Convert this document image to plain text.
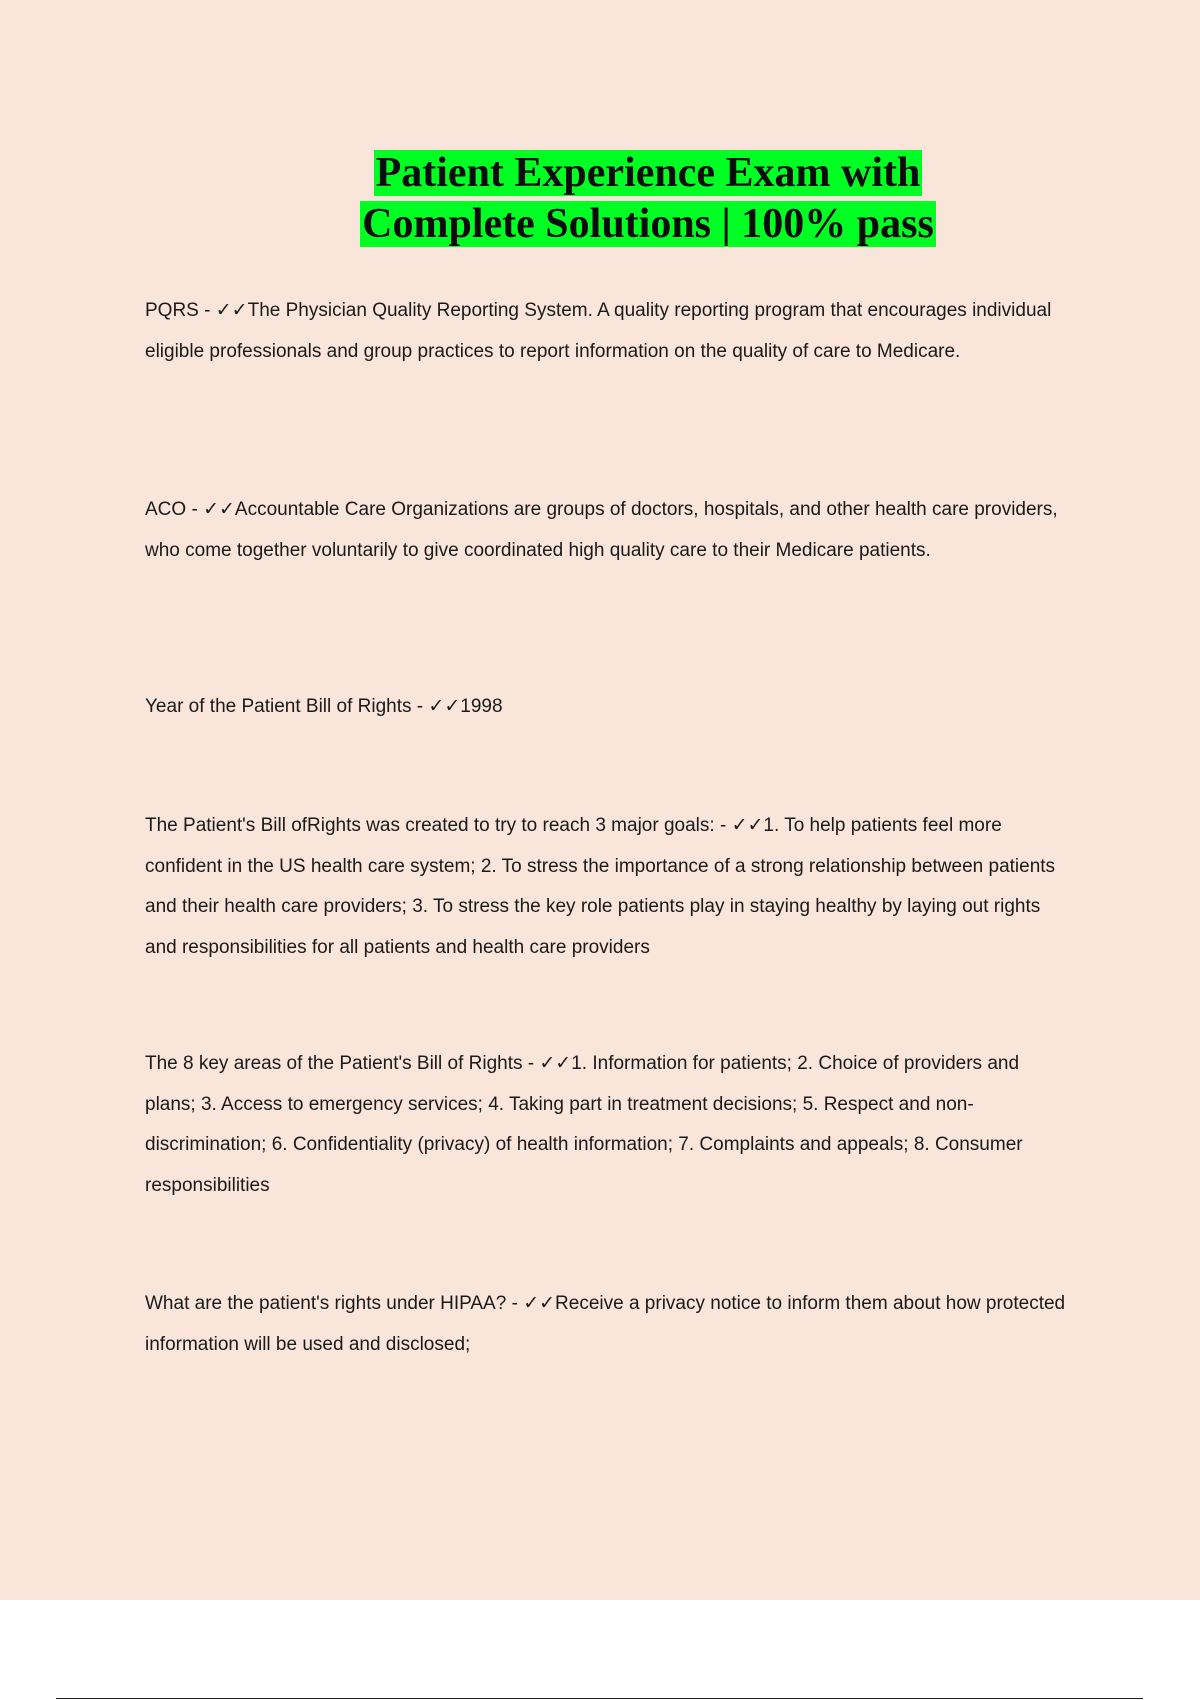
Patient Experience Exam with
Complete Solutions | 100% pass

PQRS - ✓✓The Physician Quality Reporting System. A quality reporting program that encourages individual eligible professionals and group practices to report information on the quality of care to Medicare.

ACO - ✓✓Accountable Care Organizations are groups of doctors, hospitals, and other health care providers, who come together voluntarily to give coordinated high quality care to their Medicare patients.

Year of the Patient Bill of Rights - ✓✓1998

The Patient's Bill ofRights was created to try to reach 3 major goals: - ✓✓1. To help patients feel more confident in the US health care system; 2. To stress the importance of a strong relationship between patients and their health care providers; 3. To stress the key role patients play in staying healthy by laying out rights and responsibilities for all patients and health care providers

The 8 key areas of the Patient's Bill of Rights - ✓✓1. Information for patients; 2. Choice of providers and plans; 3. Access to emergency services; 4. Taking part in treatment decisions; 5. Respect and non-discrimination; 6. Confidentiality (privacy) of health information; 7. Complaints and appeals; 8. Consumer responsibilities

What are the patient's rights under HIPAA? - ✓✓Receive a privacy notice to inform them about how protected information will be used and disclosed;
